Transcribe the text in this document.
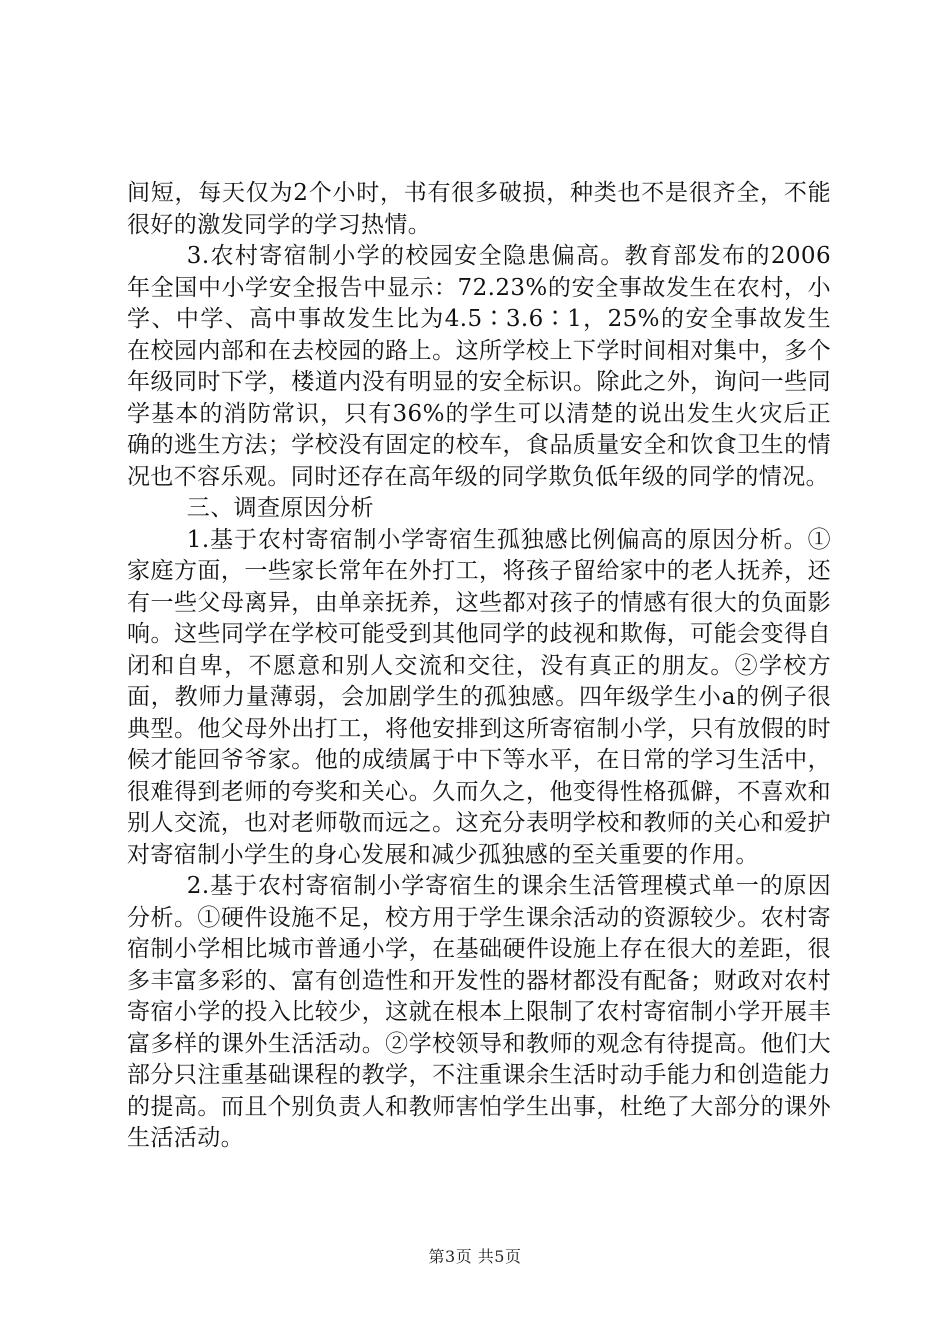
间短，每天仅为2个小时，书有很多破损，种类也不是很齐全，不能很好的激发同学的学习热情。

3.农村寄宿制小学的校园安全隐患偏高。教育部发布的2006年全国中小学安全报告中显示：72.23%的安全事故发生在农村，小学、中学、高中事故发生比为4.5∶3.6∶1，25%的安全事故发生在校园内部和在去校园的路上。这所学校上下学时间相对集中，多个年级同时下学，楼道内没有明显的安全标识。除此之外，询问一些同学基本的消防常识，只有36%的学生可以清楚的说出发生火灾后正确的逃生方法；学校没有固定的校车，食品质量安全和饮食卫生的情况也不容乐观。同时还存在高年级的同学欺负低年级的同学的情况。

三、调查原因分析

1.基于农村寄宿制小学寄宿生孤独感比例偏高的原因分析。①家庭方面，一些家长常年在外打工，将孩子留给家中的老人抚养，还有一些父母离异，由单亲抚养，这些都对孩子的情感有很大的负面影响。这些同学在学校可能受到其他同学的歧视和欺侮，可能会变得自闭和自卑，不愿意和别人交流和交往，没有真正的朋友。②学校方面，教师力量薄弱，会加剧学生的孤独感。四年级学生小a的例子很典型。他父母外出打工，将他安排到这所寄宿制小学，只有放假的时候才能回爷爷家。他的成绩属于中下等水平，在日常的学习生活中，很难得到老师的夸奖和关心。久而久之，他变得性格孤僻，不喜欢和别人交流，也对老师敬而远之。这充分表明学校和教师的关心和爱护对寄宿制小学生的身心发展和减少孤独感的至关重要的作用。

2.基于农村寄宿制小学寄宿生的课余生活管理模式单一的原因分析。①硬件设施不足，校方用于学生课余活动的资源较少。农村寄宿制小学相比城市普通小学，在基础硬件设施上存在很大的差距，很多丰富多彩的、富有创造性和开发性的器材都没有配备；财政对农村寄宿小学的投入比较少，这就在根本上限制了农村寄宿制小学开展丰富多样的课外生活活动。②学校领导和教师的观念有待提高。他们大部分只注重基础课程的教学，不注重课余生活时动手能力和创造能力的提高。而且个别负责人和教师害怕学生出事，杜绝了大部分的课外生活活动。

第3页 共5页
